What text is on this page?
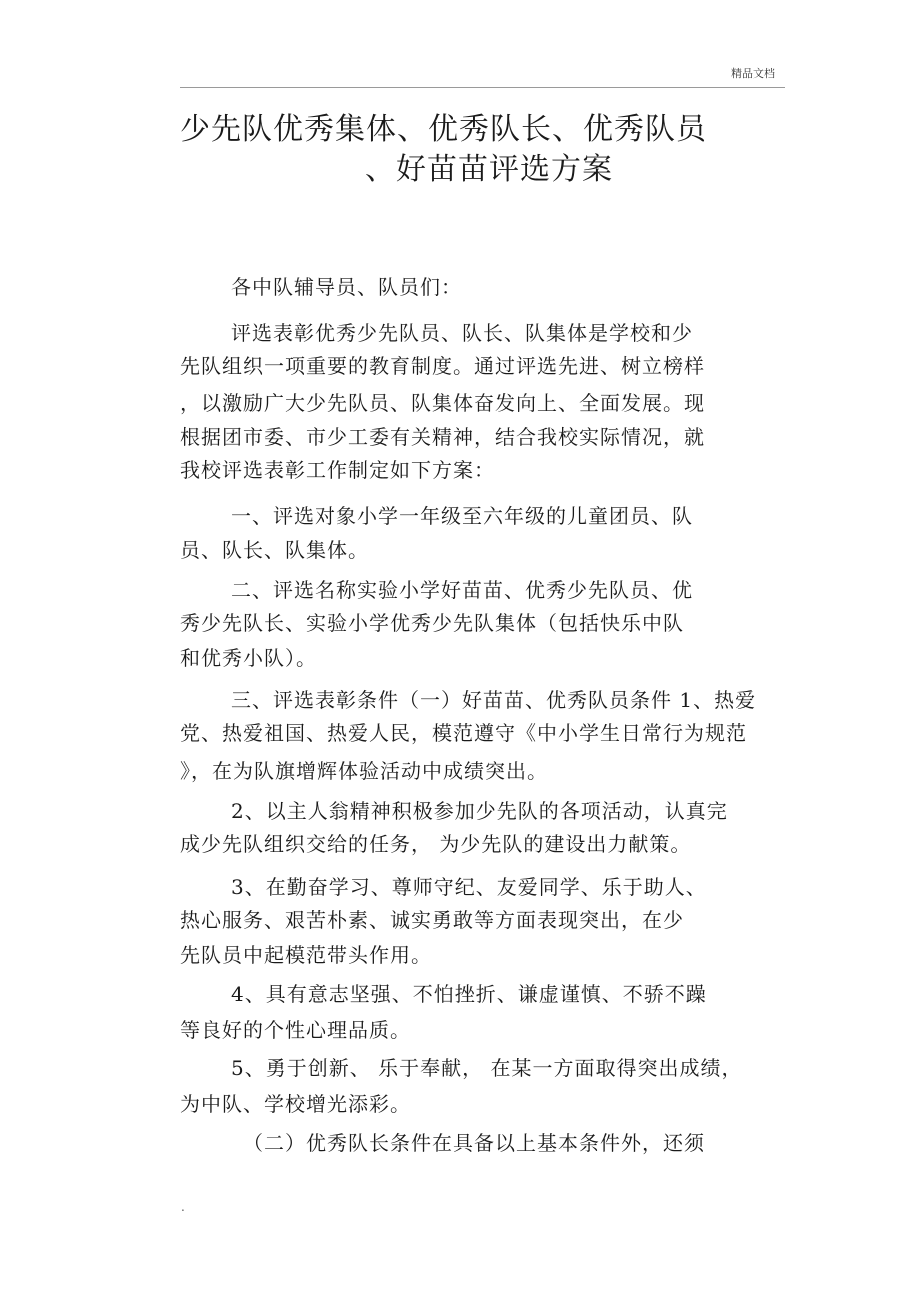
精品文档
少先队优秀集体、优秀队长、优秀队员
、好苗苗评选方案
各中队辅导员、队员们：
评选表彰优秀少先队员、队长、队集体是学校和少
先队组织一项重要的教育制度。通过评选先进、树立榜样
，以激励广大少先队员、队集体奋发向上、全面发展。现
根据团市委、市少工委有关精神，结合我校实际情况，就
我校评选表彰工作制定如下方案：
一、评选对象小学一年级至六年级的儿童团员、队
员、队长、队集体。
二、评选名称实验小学好苗苗、优秀少先队员、优
秀少先队长、实验小学优秀少先队集体（包括快乐中队
和优秀小队）。
三、评选表彰条件（一）好苗苗、优秀队员条件 1、热爱
党、热爱祖国、热爱人民，模范遵守《中小学生日常行为规范
》，在为队旗增辉体验活动中成绩突出。
2、以主人翁精神积极参加少先队的各项活动，认真完
成少先队组织交给的任务， 为少先队的建设出力献策。
3、在勤奋学习、尊师守纪、友爱同学、乐于助人、
热心服务、艰苦朴素、诚实勇敢等方面表现突出，在少
先队员中起模范带头作用。
4、具有意志坚强、不怕挫折、谦虚谨慎、不骄不躁
等良好的个性心理品质。
5、勇于创新、 乐于奉献， 在某一方面取得突出成绩，
为中队、学校增光添彩。
（二）优秀队长条件在具备以上基本条件外，还须
.
